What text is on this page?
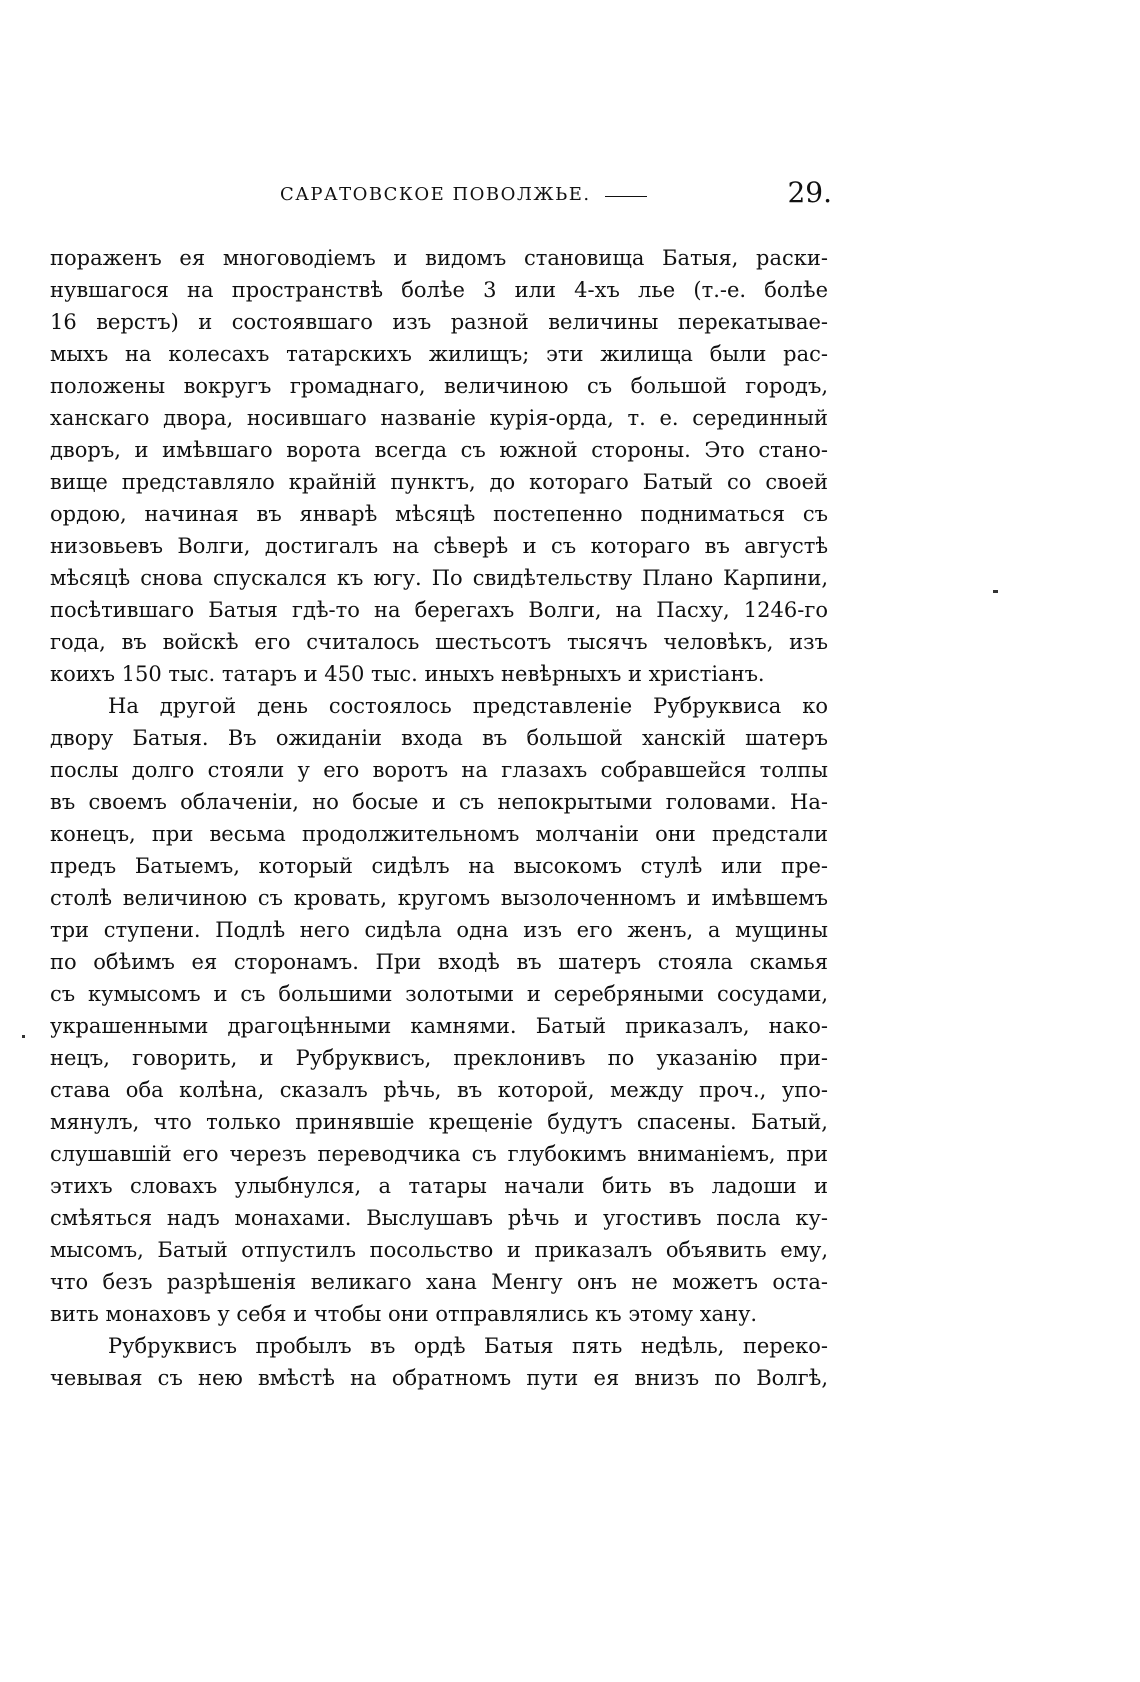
САРАТОВСКОЕ ПОВОЛЖЬЕ.	29.
пораженъ ея многоводіемъ и видомъ становища Батыя, раски-
нувшагося на пространствѣ болѣе 3 или 4-хъ лье (т.-е. болѣе
16 верстъ) и состоявшаго изъ разной величины перекатывае-
мыхъ на колесахъ татарскихъ жилищъ; эти жилища были рас-
положены вокругъ громаднаго, величиною съ большой городъ,
ханскаго двора, носившаго названіе курія-орда, т. е. серединный
дворъ, и имѣвшаго ворота всегда съ южной стороны. Это стано-
вище представляло крайній пунктъ, до котораго Батый со своей
ордою, начиная въ январѣ мѣсяцѣ постепенно подниматься съ
низовьевъ Волги, достигалъ на сѣверѣ и съ котораго въ августѣ
мѣсяцѣ снова спускался къ югу. По свидѣтельству Плано Карпини,
посѣтившаго Батыя гдѣ-то на берегахъ Волги, на Пасху, 1246-го
года, въ войскѣ его считалось шестьсотъ тысячъ человѣкъ, изъ
коихъ 150 тыс. татаръ и 450 тыс. иныхъ невѣрныхъ и христіанъ.
На другой день состоялось представленіе Рубруквиса ко
двору Батыя. Въ ожиданіи входа въ большой ханскій шатеръ
послы долго стояли у его воротъ на глазахъ собравшейся толпы
въ своемъ облаченіи, но босые и съ непокрытыми головами. На-
конецъ, при весьма продолжительномъ молчаніи они предстали
предъ Батыемъ, который сидѣлъ на высокомъ стулѣ или пре-
столѣ величиною съ кровать, кругомъ вызолоченномъ и имѣвшемъ
три ступени. Подлѣ него сидѣла одна изъ его женъ, а мущины
по обѣимъ ея сторонамъ. При входѣ въ шатеръ стояла скамья
съ кумысомъ и съ большими золотыми и серебряными сосудами,
украшенными драгоцѣнными камнями. Батый приказалъ, нако-
нецъ, говорить, и Рубруквисъ, преклонивъ по указанію при-
става оба колѣна, сказалъ рѣчь, въ которой, между проч., упо-
мянулъ, что только принявшіе крещеніе будутъ спасены. Батый,
слушавшій его черезъ переводчика съ глубокимъ вниманіемъ, при
этихъ словахъ улыбнулся, а татары начали бить въ ладоши и
смѣяться надъ монахами. Выслушавъ рѣчь и угостивъ посла ку-
мысомъ, Батый отпустилъ посольство и приказалъ объявить ему,
что безъ разрѣшенія великаго хана Менгу онъ не можетъ оста-
вить монаховъ у себя и чтобы они отправлялись къ этому хану.
Рубруквисъ пробылъ въ ордѣ Батыя пять недѣль, переко-
чевывая съ нею вмѣстѣ на обратномъ пути ея внизъ по Волгѣ,
